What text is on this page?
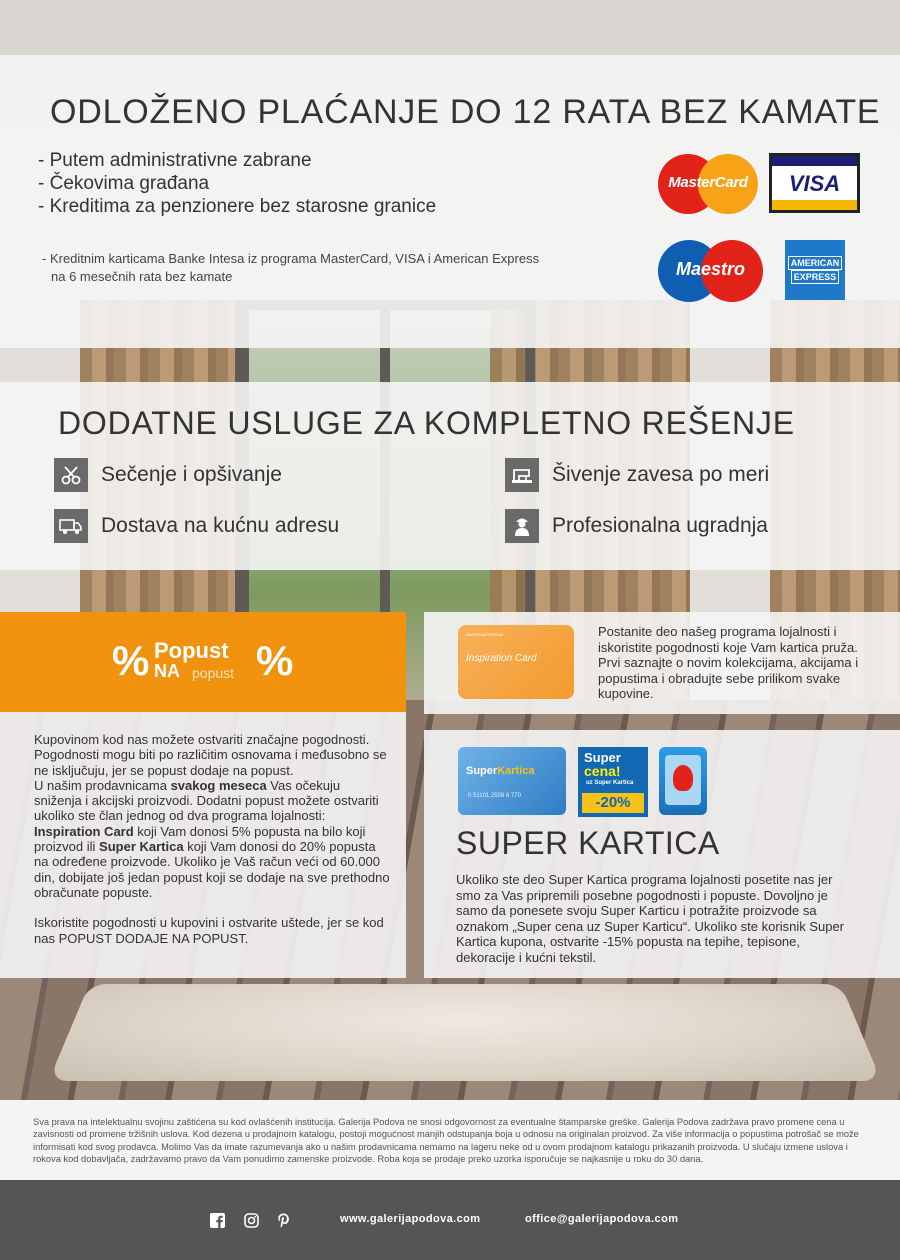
ODLOŽENO PLAĆANJE DO 12 RATA BEZ KAMATE
- Putem administrativne zabrane
- Čekovima građana
- Kreditima za penzionere bez starosne granice
- Kreditnim karticama Banke Intesa iz programa MasterCard, VISA i American Express
na 6 mesečnih rata bez kamate
MasterCard	VISA
Maestro	AMERICAN
EXPRESS
DODATNE USLUGE ZA KOMPLETNO REŠENJE
Sečenje i opšivanje	Šivenje zavesa po meri
Dostava na kućnu adresu	Profesionalna ugradnja
% Popust
NA popust %

Kupovinom kod nas možete ostvariti značajne pogodnosti. Pogodnosti mogu biti po različitim osnovama i međusobno se ne isključuju, jer se popust dodaje na popust.

U našim prodavnicama svakog meseca Vas očekuju sniženja i akcijski proizvodi. Dodatni popust možete ostvariti ukoliko ste član jednog od dva programa lojalnosti: Inspiration Card koji Vam donosi 5% popusta na bilo koji proizvod ili Super Kartica koji Vam donosi do 20% popusta na određene proizvode. Ukoliko je Vaš račun veći od 60.000 din, dobijate još jedan popust koji se dodaje na sve prethodno obračunate popuste.

Iskoristite pogodnosti u kupovini i ostvarite uštede, jer se kod nas POPUST DODAJE NA POPUST.

GALERIJA PODOVA
Inspiration Card
Postanite deo našeg programa lojalnosti i iskoristite pogodnosti koje Vam kartica pruža. Prvi saznajte o novim kolekcijama, akcijama i popustima i obradujte sebe prilikom svake kupovine.
SuperKartica
0 51101 2508 8 770
Super
cena!
uz Super Kartica
-20%
SUPER KARTICA
Ukoliko ste deo Super Kartica programa lojalnosti posetite nas jer smo za Vas pripremili posebne pogodnosti i popuste. Dovoljno je samo da ponesete svoju Super Karticu i potražite proizvode sa oznakom „Super cena uz Super Karticu“. Ukoliko ste korisnik Super Kartica kupona, ostvarite -15% popusta na tepihe, tepisone, dekoracije i kućni tekstil.

Sva prava na intelektualnu svojinu zaštićena su kod ovlašćenih institucija. Galerija Podova ne snosi odgovornost za eventualne štamparske greške. Galerija Podova zadržava pravo promene cena u zavisnosti od promene tržišnih uslova. Kod dezena u prodajnom katalogu, postoji mogućnost manjih odstupanja boja u odnosu na originalan proizvod. Za više informacija o popustima potrošač se može informisati kod svog prodavca. Molimo Vas da imate razumevanja ako u našim prodavnicama nemamo na lageru neke od u ovom prodajnom katalogu prikazanih proizvoda. U slučaju izmene uslova i rokova kod dobavljača, zadržavamo pravo da Vam ponudimo zamenske proizvode. Roba koja se prodaje preko uzorka isporučuje se najkasnije u roku do 30 dana.

www.galerijapodova.com	office@galerijapodova.com
